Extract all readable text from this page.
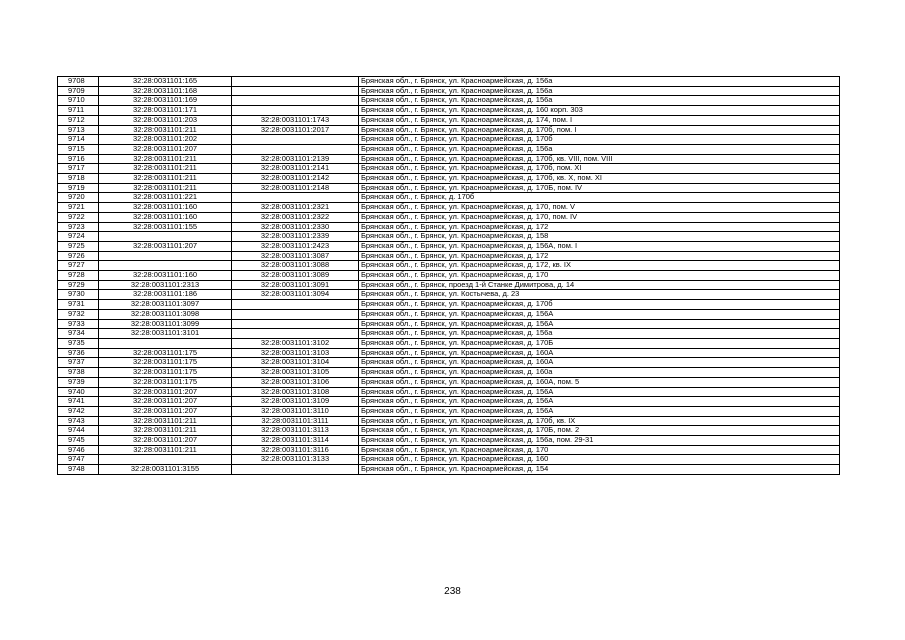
9708	32:28:0031101:165		Брянская обл., г. Брянск, ул. Красноармейская, д. 156а
9709	32:28:0031101:168		Брянская обл., г. Брянск, ул. Красноармейская, д. 156а
9710	32:28:0031101:169		Брянская обл., г. Брянск, ул. Красноармейская, д. 156а
9711	32:28:0031101:171		Брянская обл., г. Брянск, ул. Красноармейская, д. 160 корп. 303
9712	32:28:0031101:203	32:28:0031101:1743	Брянская обл., г. Брянск, ул. Красноармейская, д. 174, пом. I
9713	32:28:0031101:211	32:28:0031101:2017	Брянская обл., г. Брянск, ул. Красноармейская, д. 170б, пом. I
9714	32:28:0031101:202		Брянская обл., г. Брянск, ул. Красноармейская, д. 170б
9715	32:28:0031101:207		Брянская обл., г. Брянск, ул. Красноармейская, д. 156а
9716	32:28:0031101:211	32:28:0031101:2139	Брянская обл., г. Брянск, ул. Красноармейская, д. 170б, кв. VIII, пом. VIII
9717	32:28:0031101:211	32:28:0031101:2141	Брянская обл., г. Брянск, ул. Красноармейская, д. 170б, пом. XI
9718	32:28:0031101:211	32:28:0031101:2142	Брянская обл., г. Брянск, ул. Красноармейская, д. 170б, кв. X, пом. XI
9719	32:28:0031101:211	32:28:0031101:2148	Брянская обл., г. Брянск, ул. Красноармейская, д. 170Б, пом. IV
9720	32:28:0031101:221		Брянская обл., г. Брянск, д. 170б
9721	32:28:0031101:160	32:28:0031101:2321	Брянская обл., г. Брянск, ул. Красноармейская, д. 170, пом. V
9722	32:28:0031101:160	32:28:0031101:2322	Брянская обл., г. Брянск, ул. Красноармейская, д. 170, пом. IV
9723	32:28:0031101:155	32:28:0031101:2330	Брянская обл., г. Брянск, ул. Красноармейская, д. 172
9724		32:28:0031101:2339	Брянская обл., г. Брянск, ул. Красноармейская, д. 158
9725	32:28:0031101:207	32:28:0031101:2423	Брянская обл., г. Брянск, ул. Красноармейская, д. 156А, пом. I
9726		32:28:0031101:3087	Брянская обл., г. Брянск, ул. Красноармейская, д. 172
9727		32:28:0031101:3088	Брянская обл., г. Брянск, ул. Красноармейская, д. 172, кв. IX
9728	32:28:0031101:160	32:28:0031101:3089	Брянская обл., г. Брянск, ул. Красноармейская, д. 170
9729	32:28:0031101:2313	32:28:0031101:3091	Брянская обл., г. Брянск, проезд 1-й Станке Димитрова, д. 14
9730	32:28:0031101:186	32:28:0031101:3094	Брянская обл., г. Брянск, ул. Костычева, д. 23
9731	32:28:0031101:3097		Брянская обл., г. Брянск, ул. Красноармейская, д. 170б
9732	32:28:0031101:3098		Брянская обл., г. Брянск, ул. Красноармейская, д. 156А
9733	32:28:0031101:3099		Брянская обл., г. Брянск, ул. Красноармейская, д. 156А
9734	32:28:0031101:3101		Брянская обл., г. Брянск, ул. Красноармейская, д. 156а
9735		32:28:0031101:3102	Брянская обл., г. Брянск, ул. Красноармейская, д. 170Б
9736	32:28:0031101:175	32:28:0031101:3103	Брянская обл., г. Брянск, ул. Красноармейская, д. 160А
9737	32:28:0031101:175	32:28:0031101:3104	Брянская обл., г. Брянск, ул. Красноармейская, д. 160А
9738	32:28:0031101:175	32:28:0031101:3105	Брянская обл., г. Брянск, ул. Красноармейская, д. 160а
9739	32:28:0031101:175	32:28:0031101:3106	Брянская обл., г. Брянск, ул. Красноармейская, д. 160А, пом. 5
9740	32:28:0031101:207	32:28:0031101:3108	Брянская обл., г. Брянск, ул. Красноармейская, д. 156А
9741	32:28:0031101:207	32:28:0031101:3109	Брянская обл., г. Брянск, ул. Красноармейская, д. 156А
9742	32:28:0031101:207	32:28:0031101:3110	Брянская обл., г. Брянск, ул. Красноармейская, д. 156А
9743	32:28:0031101:211	32:28:0031101:3111	Брянская обл., г. Брянск, ул. Красноармейская, д. 170б, кв. IX
9744	32:28:0031101:211	32:28:0031101:3113	Брянская обл., г. Брянск, ул. Красноармейская, д. 170Б, пом. 2
9745	32:28:0031101:207	32:28:0031101:3114	Брянская обл., г. Брянск, ул. Красноармейская, д. 156а, пом. 29-31
9746	32:28:0031101:211	32:28:0031101:3116	Брянская обл., г. Брянск, ул. Красноармейская, д. 170
9747		32:28:0031101:3133	Брянская обл., г. Брянск, ул. Красноармейская, д. 160
9748	32:28:0031101:3155		Брянская обл., г. Брянск, ул. Красноармейская, д. 154
238
